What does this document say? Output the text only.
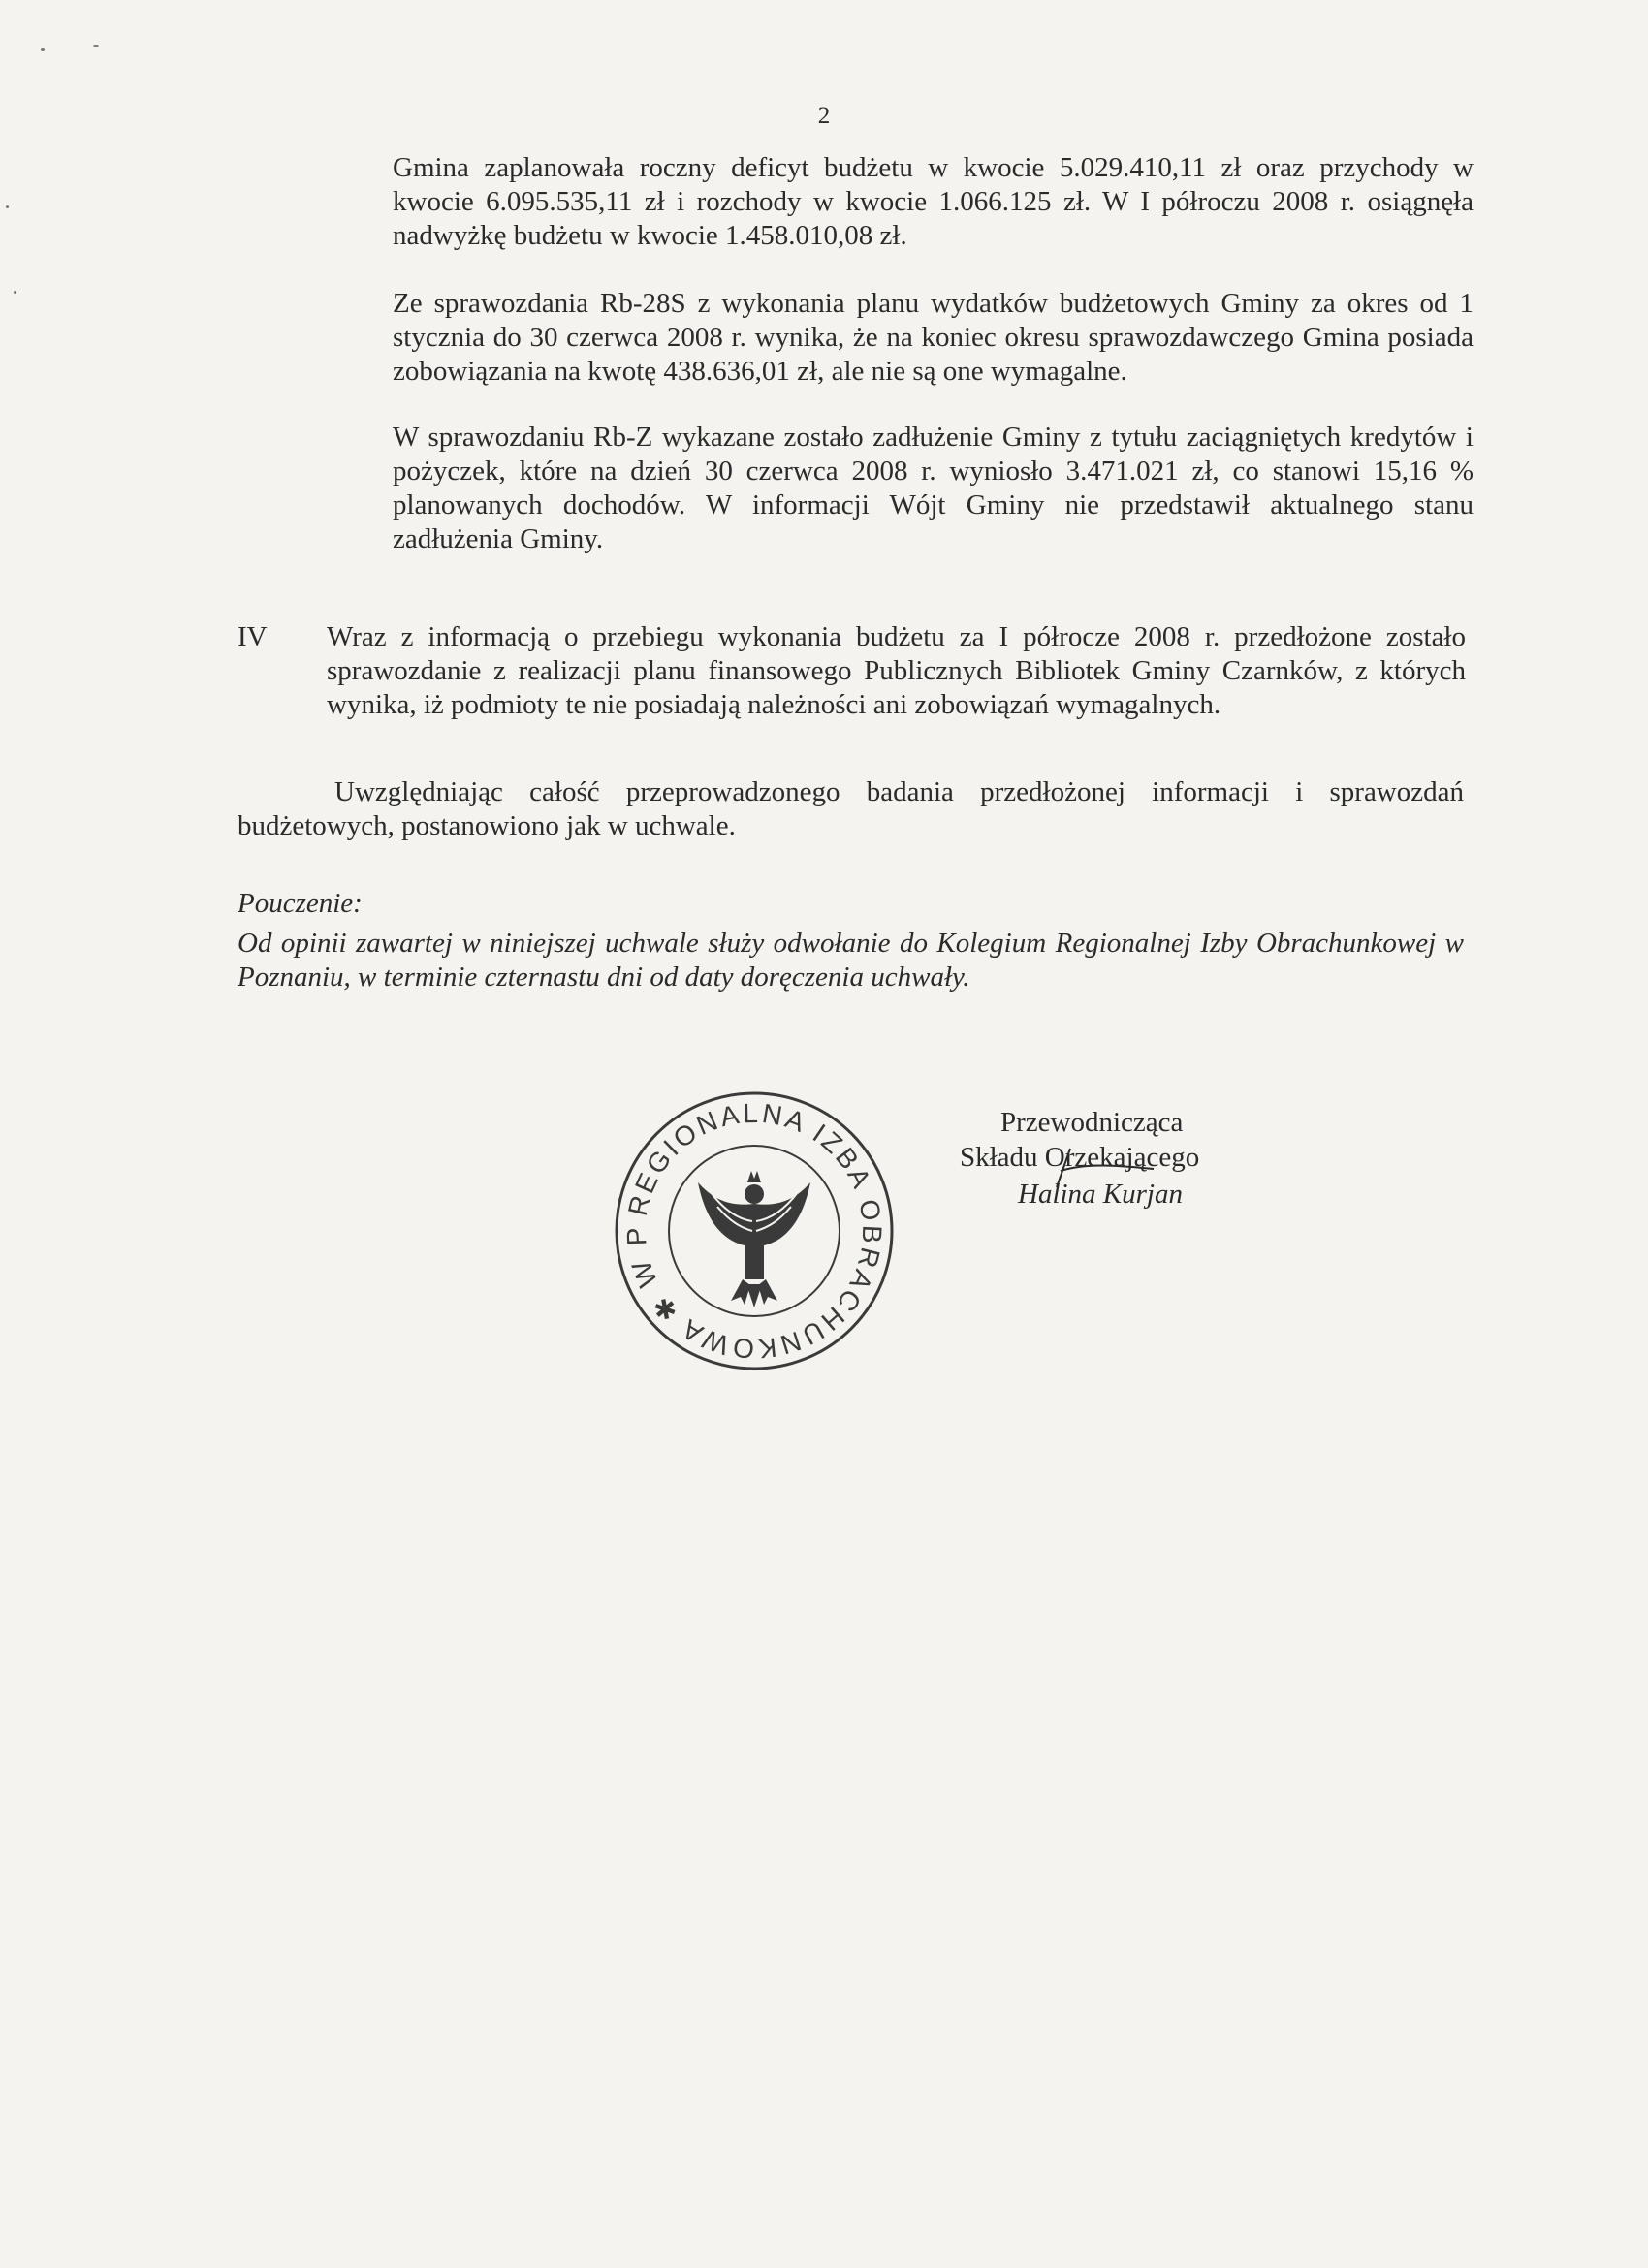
2

Gmina zaplanowała roczny deficyt budżetu w kwocie 5.029.410,11 zł oraz przychody w kwocie 6.095.535,11 zł i rozchody w kwocie 1.066.125 zł. W I półroczu 2008 r. osiągnęła nadwyżkę budżetu w kwocie 1.458.010,08 zł.

Ze sprawozdania Rb-28S z wykonania planu wydatków budżetowych Gminy za okres od 1 stycznia do 30 czerwca 2008 r. wynika, że na koniec okresu sprawozdawczego Gmina posiada zobowiązania na kwotę 438.636,01 zł, ale nie są one wymagalne.

W sprawozdaniu Rb-Z wykazane zostało zadłużenie Gminy z tytułu zaciągniętych kredytów i pożyczek, które na dzień 30 czerwca 2008 r. wyniosło 3.471.021 zł, co stanowi 15,16 % planowanych dochodów. W informacji Wójt Gminy nie przedstawił aktualnego stanu zadłużenia Gminy.

IV	Wraz z informacją o przebiegu wykonania budżetu za I półrocze 2008 r. przedłożone zostało sprawozdanie z realizacji planu finansowego Publicznych Bibliotek Gminy Czarnków, z których wynika, iż podmioty te nie posiadają należności ani zobowiązań wymagalnych.

Uwzględniając całość przeprowadzonego badania przedłożonej informacji i sprawozdań budżetowych, postanowiono jak w uchwale.

Pouczenie:

Od opinii zawartej w niniejszej uchwale służy odwołanie do Kolegium Regionalnej Izby Obrachunkowej w Poznaniu, w terminie czternastu dni od daty doręczenia uchwały.

REGIONALNA IZBA OBRACHUNKOWA ✱ W P
Przewodnicząca
Składu Orzekającego
Halina Kurjan
